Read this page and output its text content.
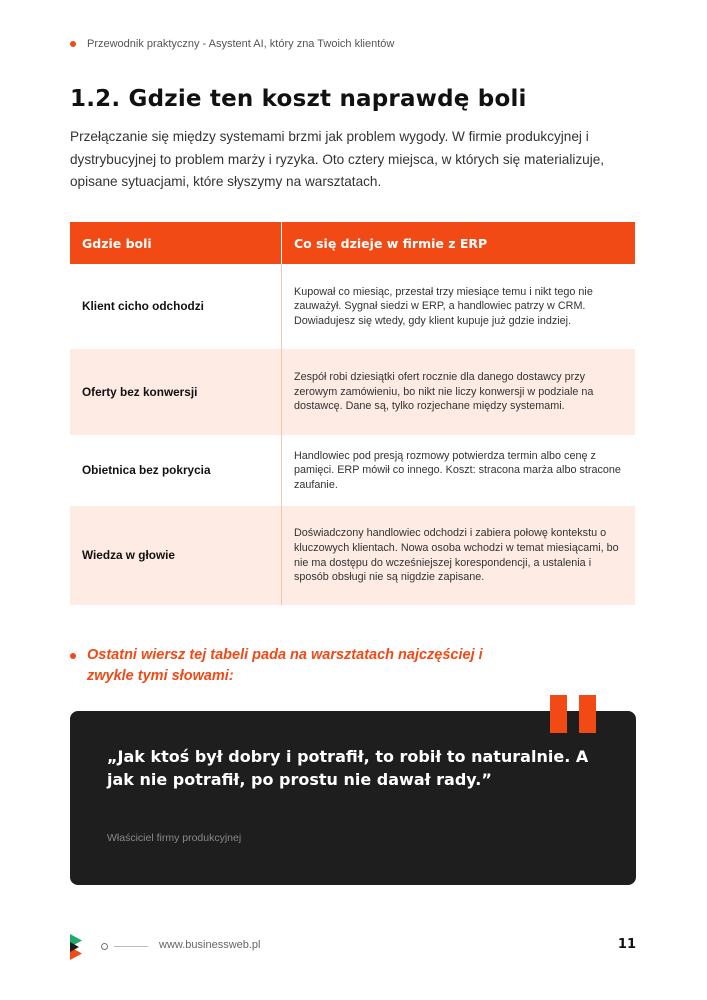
Przewodnik praktyczny - Asystent AI, który zna Twoich klientów
1.2. Gdzie ten koszt naprawdę boli

Przełączanie się między systemami brzmi jak problem wygody. W firmie produkcyjnej i dystrybucyjnej to problem marży i ryzyka. Oto cztery miejsca, w których się materializuje, opisane sytuacjami, które słyszymy na warsztatach.

Gdzie boli	Co się dzieje w firmie z ERP
Klient cicho odchodzi	Kupował co miesiąc, przestał trzy miesiące temu i nikt tego nie zauważył. Sygnał siedzi w ERP, a handlowiec patrzy w CRM. Dowiadujesz się wtedy, gdy klient kupuje już gdzie indziej.
Oferty bez konwersji	Zespół robi dziesiątki ofert rocznie dla danego dostawcy przy zerowym zamówieniu, bo nikt nie liczy konwersji w podziale na dostawcę. Dane są, tylko rozjechane między systemami.
Obietnica bez pokrycia	Handlowiec pod presją rozmowy potwierdza termin albo cenę z pamięci. ERP mówił co innego. Koszt: stracona marża albo stracone zaufanie.
Wiedza w głowie	Doświadczony handlowiec odchodzi i zabiera połowę kontekstu o kluczowych klientach. Nowa osoba wchodzi w temat miesiącami, bo nie ma dostępu do wcześniejszej korespondencji, a ustalenia i sposób obsługi nie są nigdzie zapisane.

Ostatni wiersz tej tabeli pada na warsztatach najczęściej i zwykle tymi słowami:

„Jak ktoś był dobry i potrafił, to robił to naturalnie. A jak nie potrafił, po prostu nie dawał rady.”

Właściciel firmy produkcyjnej
www.businessweb.pl	11
